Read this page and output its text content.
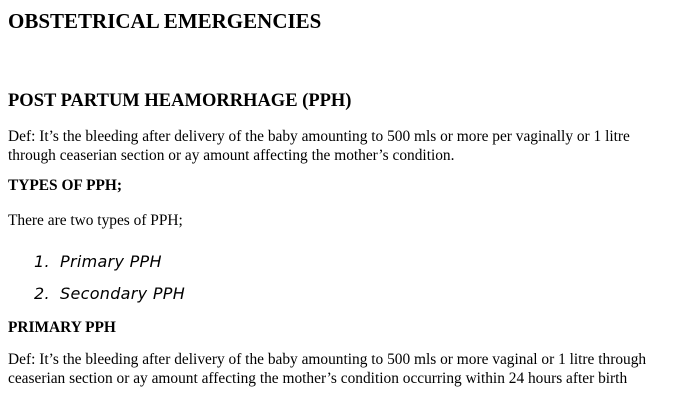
OBSTETRICAL EMERGENCIES
POST PARTUM HEAMORRHAGE (PPH)

Def: It’s the bleeding after delivery of the baby amounting to 500 mls or more per vaginally or 1 litre through ceaserian section or ay amount affecting the mother’s condition.

TYPES OF PPH;

There are two types of PPH;

1. Primary PPH
2. Secondary PPH
PRIMARY PPH

Def: It’s the bleeding after delivery of the baby amounting to 500 mls or more vaginal or 1 litre through ceaserian section or ay amount affecting the mother’s condition occurring within 24 hours after birth
